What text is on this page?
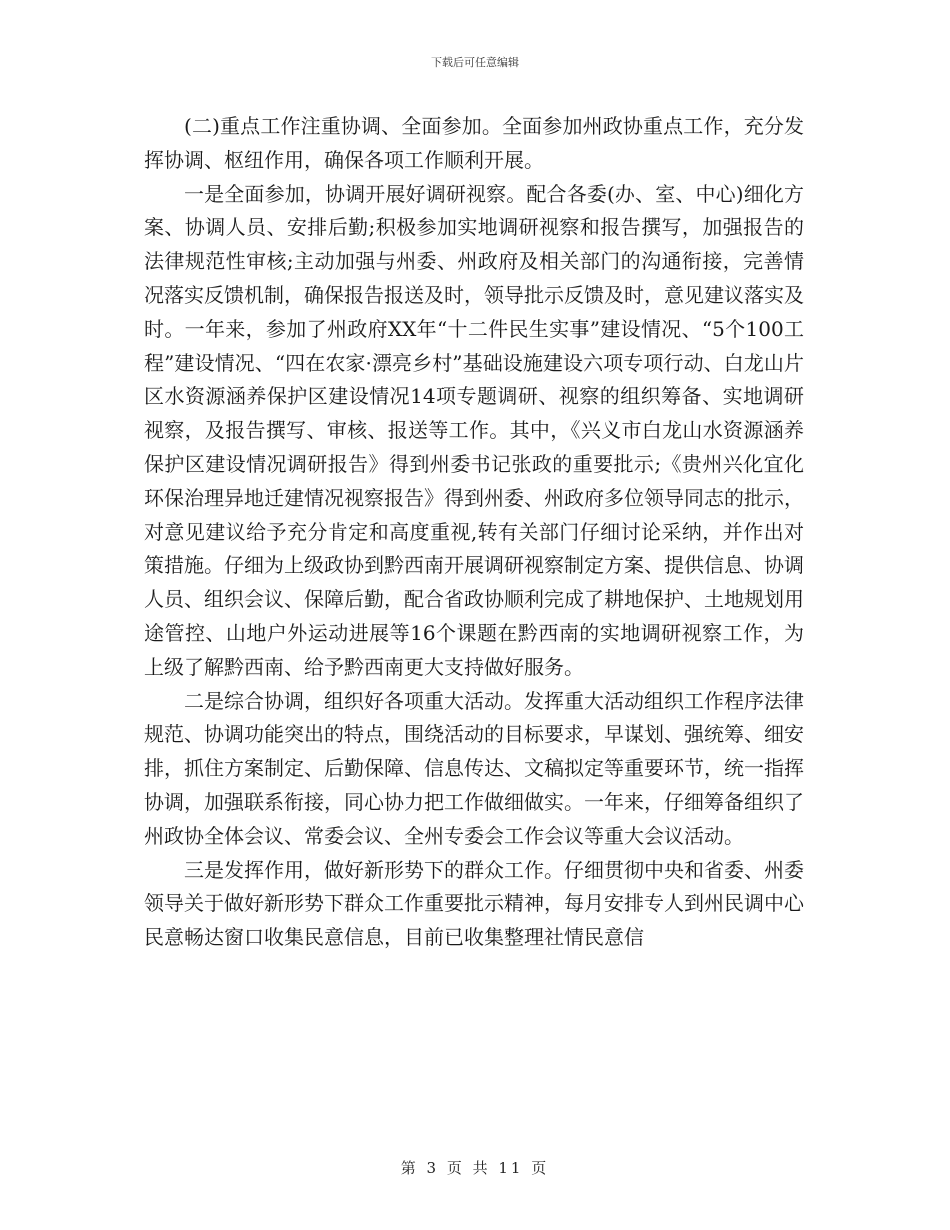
下载后可任意编辑

(二)重点工作注重协调、全面参加。全面参加州政协重点工作，充分发挥协调、枢纽作用，确保各项工作顺利开展。

一是全面参加，协调开展好调研视察。配合各委(办、室、中心)细化方案、协调人员、安排后勤;积极参加实地调研视察和报告撰写，加强报告的法律规范性审核;主动加强与州委、州政府及相关部门的沟通衔接，完善情况落实反馈机制，确保报告报送及时，领导批示反馈及时，意见建议落实及时。一年来，参加了州政府XX年“十二件民生实事”建设情况、“5个100工程”建设情况、“四在农家·漂亮乡村”基础设施建设六项专项行动、白龙山片区水资源涵养保护区建设情况14项专题调研、视察的组织筹备、实地调研视察，及报告撰写、审核、报送等工作。其中，《兴义市白龙山水资源涵养保护区建设情况调研报告》得到州委书记张政的重要批示;《贵州兴化宜化环保治理异地迁建情况视察报告》得到州委、州政府多位领导同志的批示，对意见建议给予充分肯定和高度重视,转有关部门仔细讨论采纳，并作出对策措施。仔细为上级政协到黔西南开展调研视察制定方案、提供信息、协调人员、组织会议、保障后勤，配合省政协顺利完成了耕地保护、土地规划用途管控、山地户外运动进展等16个课题在黔西南的实地调研视察工作，为上级了解黔西南、给予黔西南更大支持做好服务。

二是综合协调，组织好各项重大活动。发挥重大活动组织工作程序法律规范、协调功能突出的特点，围绕活动的目标要求，早谋划、强统筹、细安排，抓住方案制定、后勤保障、信息传达、文稿拟定等重要环节，统一指挥协调，加强联系衔接，同心协力把工作做细做实。一年来，仔细筹备组织了州政协全体会议、常委会议、全州专委会工作会议等重大会议活动。

三是发挥作用，做好新形势下的群众工作。仔细贯彻中央和省委、州委领导关于做好新形势下群众工作重要批示精神，每月安排专人到州民调中心民意畅达窗口收集民意信息，目前已收集整理社情民意信

第 3 页 共 11 页
